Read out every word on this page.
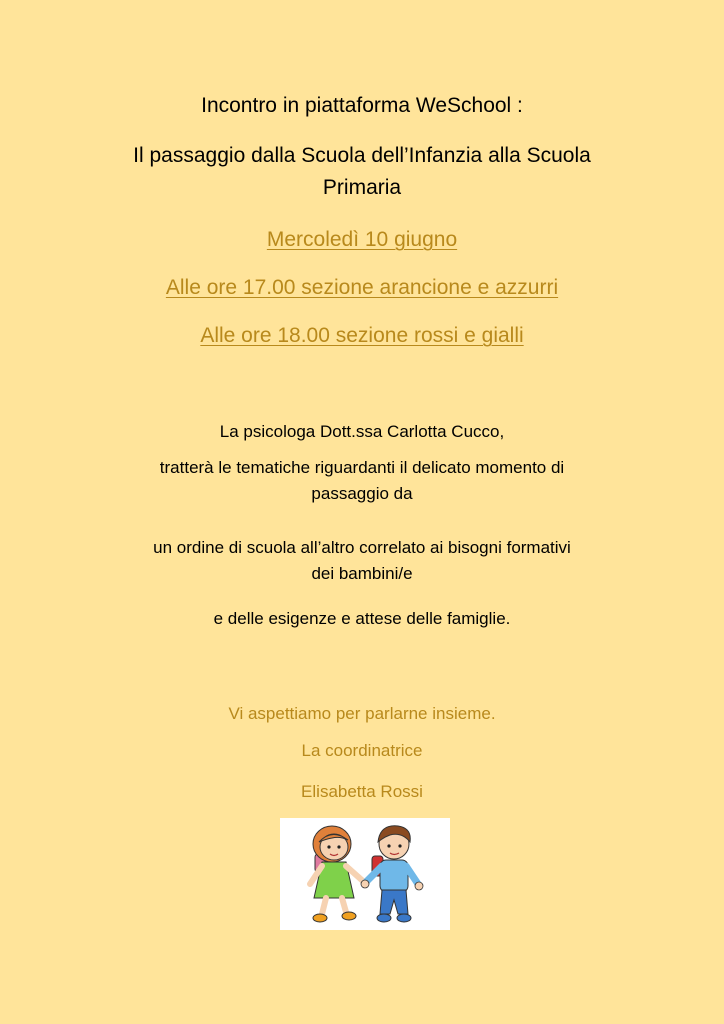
Incontro in piattaforma WeSchool :
Il passaggio dalla Scuola dell’Infanzia alla Scuola
Primaria
Mercoledì 10 giugno
Alle ore 17.00 sezione arancione e azzurri
Alle ore 18.00 sezione rossi e gialli
La psicologa Dott.ssa Carlotta Cucco,
tratterà le tematiche riguardanti il delicato momento di
passaggio da
un ordine di scuola all’altro correlato ai bisogni formativi
dei bambini/e
e delle esigenze e attese delle famiglie.
Vi aspettiamo per parlarne insieme.
La coordinatrice
Elisabetta Rossi
